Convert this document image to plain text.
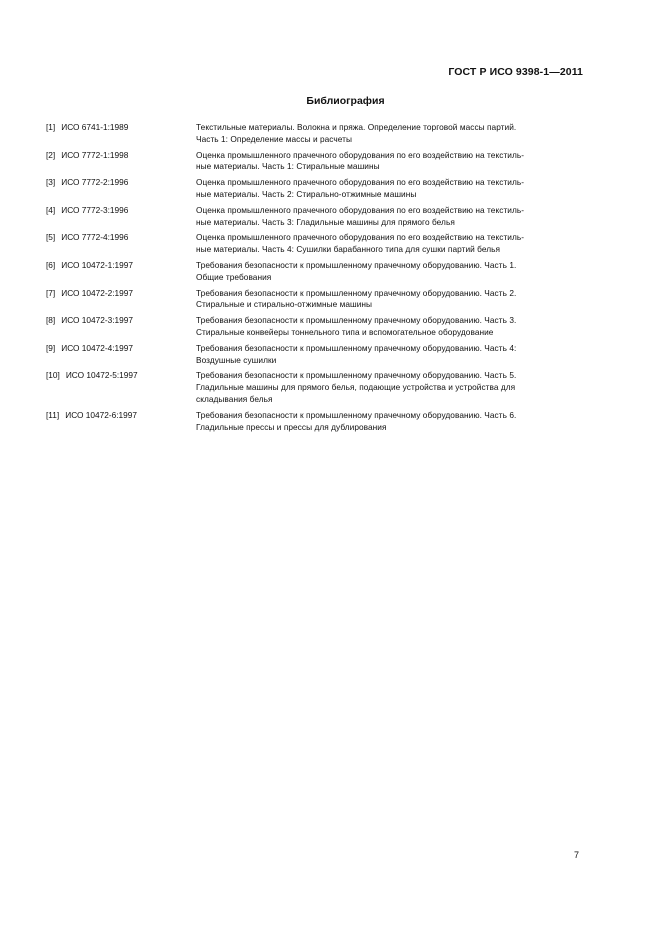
ГОСТ Р ИСО 9398-1—2011
Библиография
[1] ИСО 6741-1:1989	Текстильные материалы. Волокна и пряжа. Определение торговой массы партий.
Часть 1: Определение массы и расчеты
[2] ИСО 7772-1:1998	Оценка промышленного прачечного оборудования по его воздействию на текстиль-
ные материалы. Часть 1: Стиральные машины
[3] ИСО 7772-2:1996	Оценка промышленного прачечного оборудования по его воздействию на текстиль-
ные материалы. Часть 2: Стирально-отжимные машины
[4] ИСО 7772-3:1996	Оценка промышленного прачечного оборудования по его воздействию на текстиль-
ные материалы. Часть 3: Гладильные машины для прямого белья
[5] ИСО 7772-4:1996	Оценка промышленного прачечного оборудования по его воздействию на текстиль-
ные материалы. Часть 4: Сушилки барабанного типа для сушки партий белья
[6] ИСО 10472-1:1997	Требования безопасности к промышленному прачечному оборудованию. Часть 1.
Общие требования
[7] ИСО 10472-2:1997	Требования безопасности к промышленному прачечному оборудованию. Часть 2.
Стиральные и стирально-отжимные машины
[8] ИСО 10472-3:1997	Требования безопасности к промышленному прачечному оборудованию. Часть 3.
Стиральные конвейеры тоннельного типа и вспомогательное оборудование
[9] ИСО 10472-4:1997	Требования безопасности к промышленному прачечному оборудованию. Часть 4:
Воздушные сушилки
[10] ИСО 10472-5:1997	Требования безопасности к промышленному прачечному оборудованию. Часть 5.
Гладильные машины для прямого белья, подающие устройства и устройства для
складывания белья
[11] ИСО 10472-6:1997	Требования безопасности к промышленному прачечному оборудованию. Часть 6.
Гладильные прессы и прессы для дублирования
7
